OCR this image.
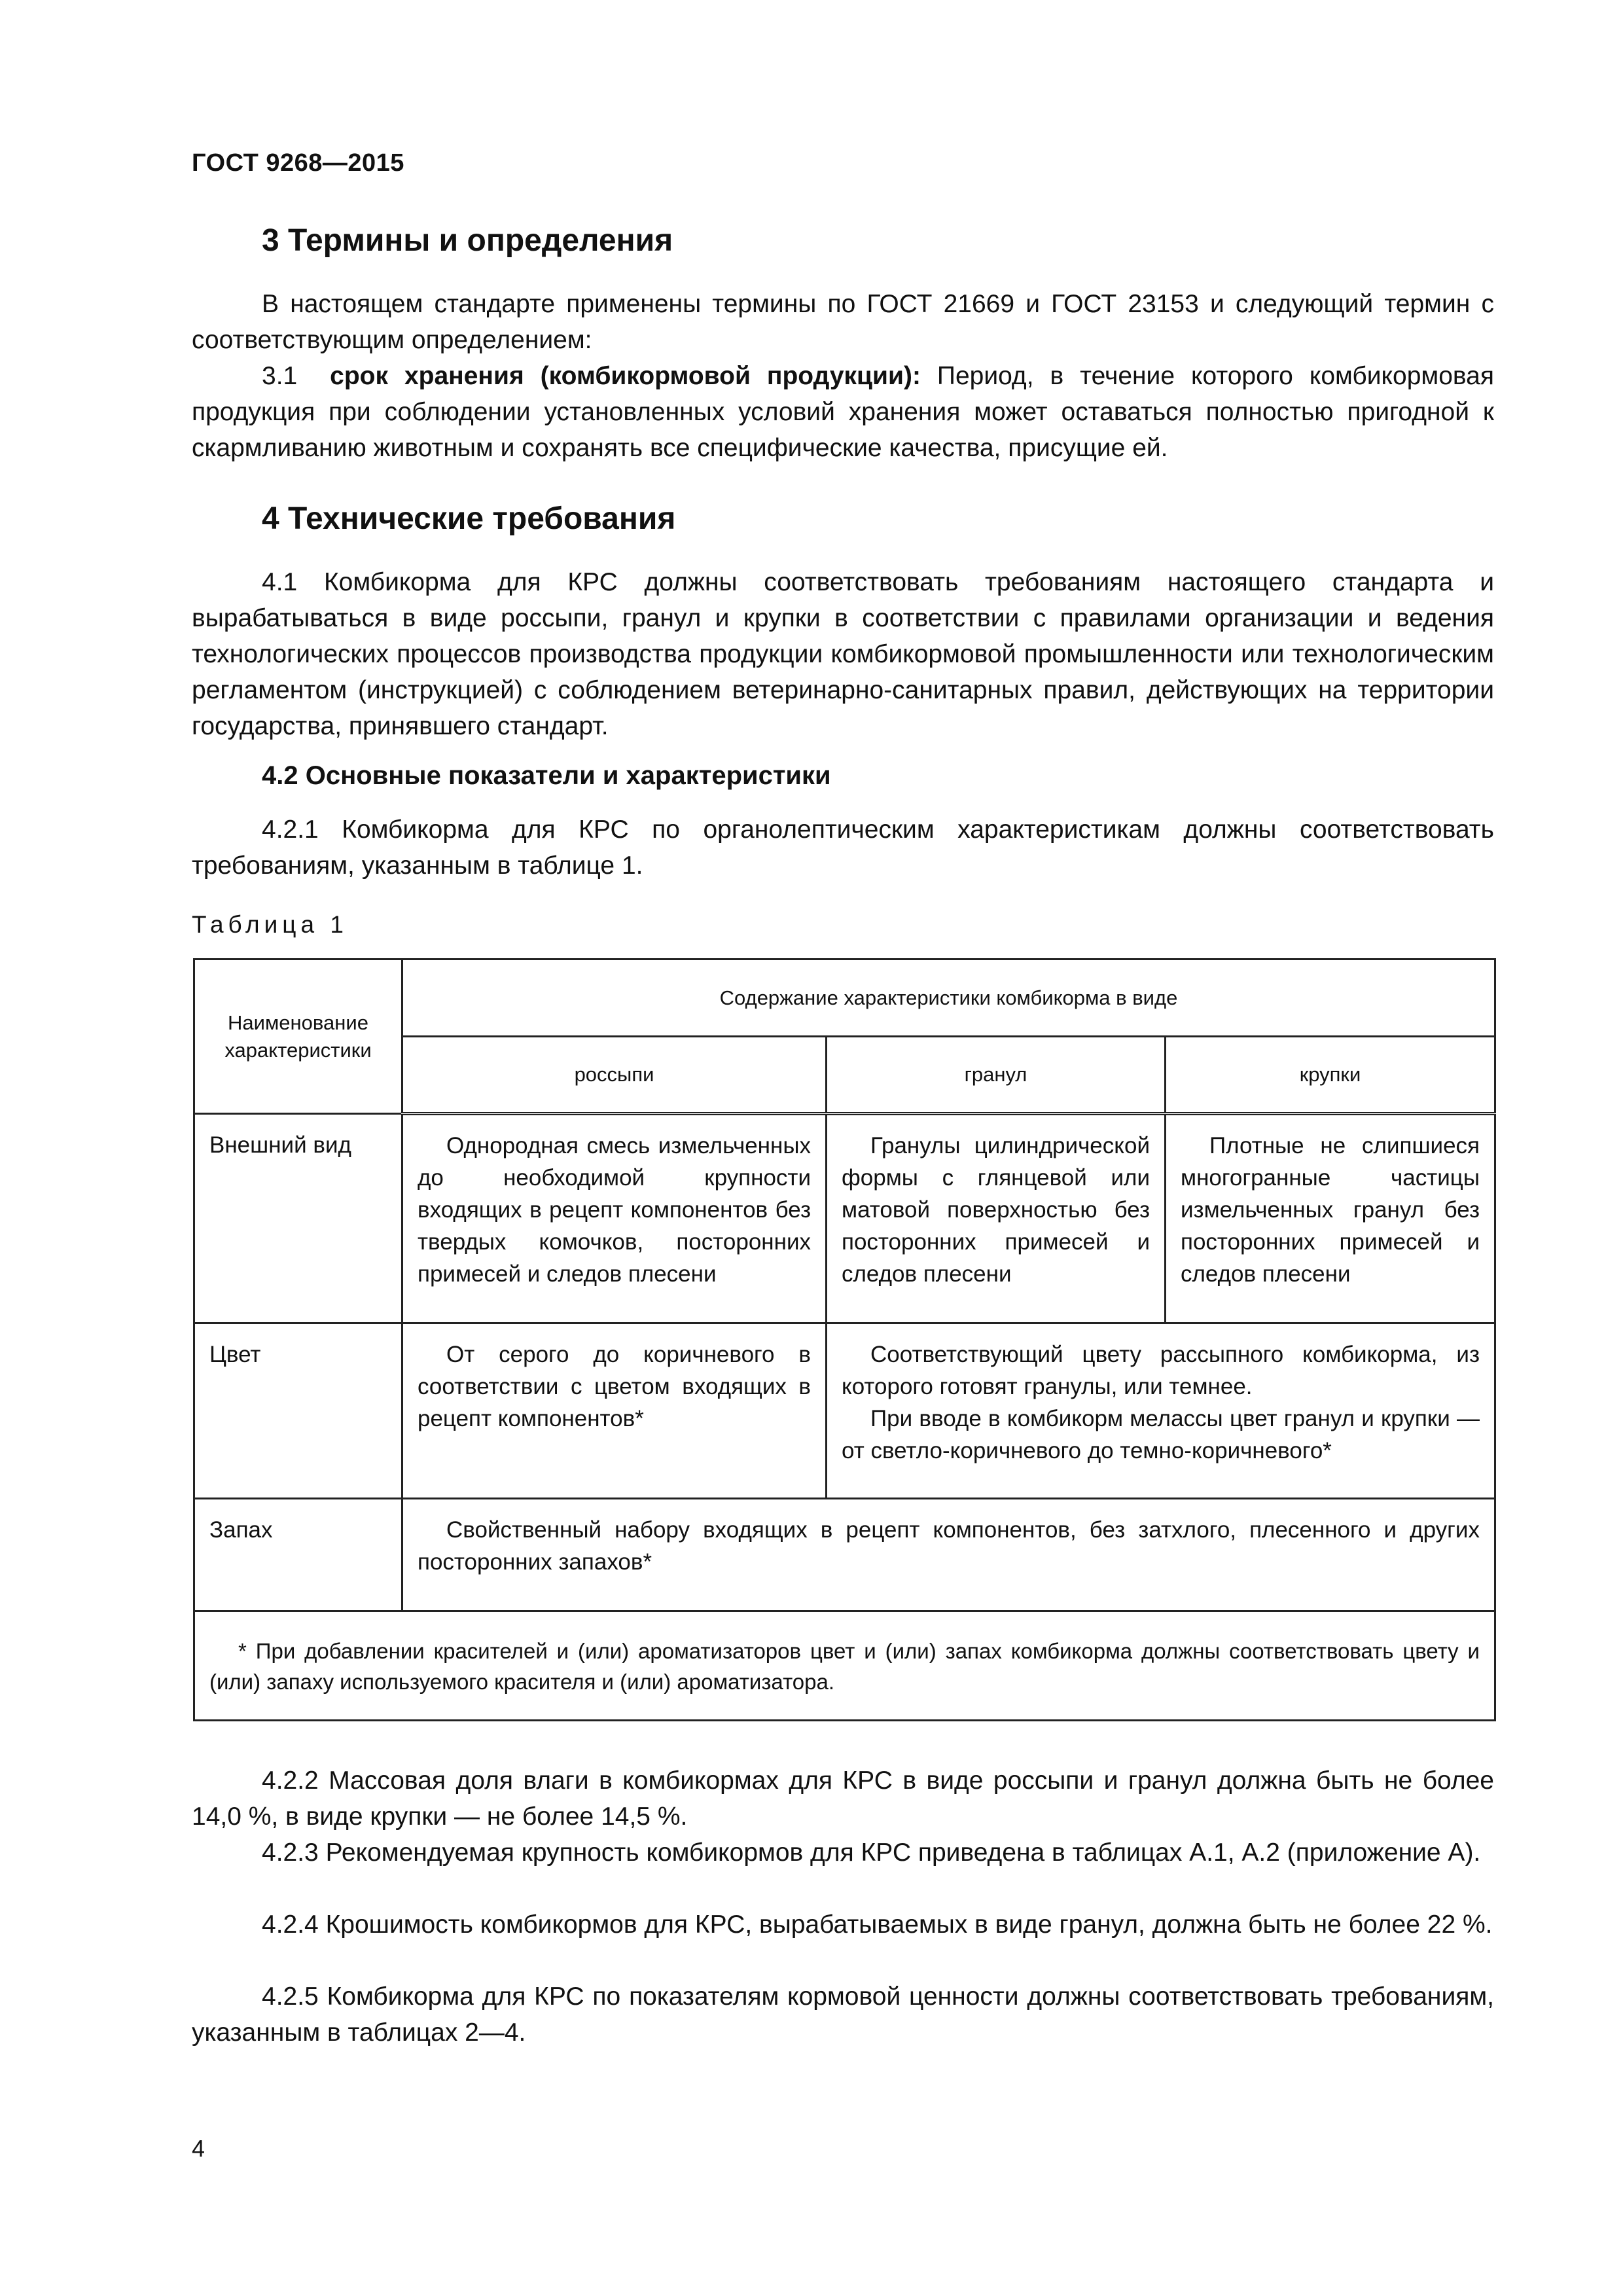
ГОСТ 9268—2015
3 Термины и определения
В настоящем стандарте применены термины по ГОСТ 21669 и ГОСТ 23153 и следующий термин с соответствующим определением:
3.1 срок хранения (комбикормовой продукции): Период, в течение которого комбикормовая продукция при соблюдении установленных условий хранения может оставаться полностью пригодной к скармливанию животным и сохранять все специфические качества, присущие ей.
4 Технические требования
4.1 Комбикорма для КРС должны соответствовать требованиям настоящего стандарта и вырабатываться в виде россыпи, гранул и крупки в соответствии с правилами организации и ведения технологических процессов производства продукции комбикормовой промышленности или технологическим регламентом (инструкцией) с соблюдением ветеринарно-санитарных правил, действующих на территории государства, принявшего стандарт.
4.2 Основные показатели и характеристики
4.2.1 Комбикорма для КРС по органолептическим характеристикам должны соответствовать требованиям, указанным в таблице 1.
Таблица 1
Наименование характеристики	Содержание характеристики комбикорма в виде		
	россыпи	гранул	крупки
Внешний вид	Однородная смесь измельченных до необходимой крупности входящих в рецепт компонентов без твердых комочков, посторонних примесей и следов плесени	Гранулы цилиндрической формы с глянцевой или матовой поверхностью без посторонних примесей и следов плесени	Плотные не слипшиеся многогранные частицы измельченных гранул без посторонних примесей и следов плесени
Цвет	От серого до коричневого в соответствии с цветом входящих в рецепт компонентов*	Соответствующий цвету рассыпного комбикорма, из которого готовят гранулы, или темнее.

При вводе в комбикорм мелассы цвет гранул и крупки — от светло-коричневого до темно-коричневого*	

Запах	Свойственный набору входящих в рецепт компонентов, без затхлого, плесенного и других посторонних запахов*		
* При добавлении красителей и (или) ароматизаторов цвет и (или) запах комбикорма должны соответствовать цвету и (или) запаху используемого красителя и (или) ароматизатора.			
4.2.2 Массовая доля влаги в комбикормах для КРС в виде россыпи и гранул должна быть не более 14,0 %, в виде крупки — не более 14,5 %.
4.2.3 Рекомендуемая крупность комбикормов для КРС приведена в таблицах А.1, А.2 (приложение А).
4.2.4 Крошимость комбикормов для КРС, вырабатываемых в виде гранул, должна быть не более 22 %.
4.2.5 Комбикорма для КРС по показателям кормовой ценности должны соответствовать требованиям, указанным в таблицах 2—4.
4
